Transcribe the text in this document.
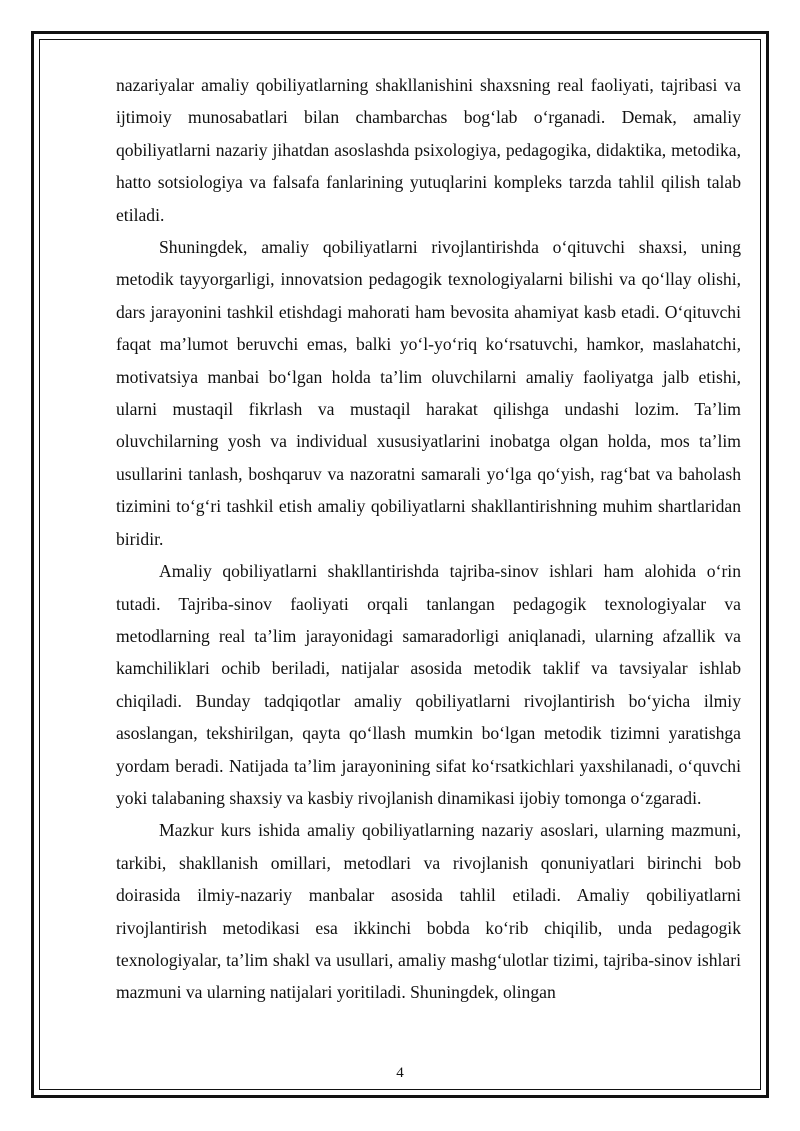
nazariyalar amaliy qobiliyatlarning shakllanishini shaxsning real faoliyati, tajribasi va ijtimoiy munosabatlari bilan chambarchas bog‘lab o‘rganadi. Demak, amaliy qobiliyatlarni nazariy jihatdan asoslashda psixologiya, pedagogika, didaktika, metodika, hatto sotsiologiya va falsafa fanlarining yutuqlarini kompleks tarzda tahlil qilish talab etiladi.

Shuningdek, amaliy qobiliyatlarni rivojlantirishda o‘qituvchi shaxsi, uning metodik tayyorgarligi, innovatsion pedagogik texnologiyalarni bilishi va qo‘llay olishi, dars jarayonini tashkil etishdagi mahorati ham bevosita ahamiyat kasb etadi. O‘qituvchi faqat ma’lumot beruvchi emas, balki yo‘l-yo‘riq ko‘rsatuvchi, hamkor, maslahatchi, motivatsiya manbai bo‘lgan holda ta’lim oluvchilarni amaliy faoliyatga jalb etishi, ularni mustaqil fikrlash va mustaqil harakat qilishga undashi lozim. Ta’lim oluvchilarning yosh va individual xususiyatlarini inobatga olgan holda, mos ta’lim usullarini tanlash, boshqaruv va nazoratni samarali yo‘lga qo‘yish, rag‘bat va baholash tizimini to‘g‘ri tashkil etish amaliy qobiliyatlarni shakllantirishning muhim shartlaridan biridir.

Amaliy qobiliyatlarni shakllantirishda tajriba-sinov ishlari ham alohida o‘rin tutadi. Tajriba-sinov faoliyati orqali tanlangan pedagogik texnologiyalar va metodlarning real ta’lim jarayonidagi samaradorligi aniqlanadi, ularning afzallik va kamchiliklari ochib beriladi, natijalar asosida metodik taklif va tavsiyalar ishlab chiqiladi. Bunday tadqiqotlar amaliy qobiliyatlarni rivojlantirish bo‘yicha ilmiy asoslangan, tekshirilgan, qayta qo‘llash mumkin bo‘lgan metodik tizimni yaratishga yordam beradi. Natijada ta’lim jarayonining sifat ko‘rsatkichlari yaxshilanadi, o‘quvchi yoki talabaning shaxsiy va kasbiy rivojlanish dinamikasi ijobiy tomonga o‘zgaradi.

Mazkur kurs ishida amaliy qobiliyatlarning nazariy asoslari, ularning mazmuni, tarkibi, shakllanish omillari, metodlari va rivojlanish qonuniyatlari birinchi bob doirasida ilmiy-nazariy manbalar asosida tahlil etiladi. Amaliy qobiliyatlarni rivojlantirish metodikasi esa ikkinchi bobda ko‘rib chiqilib, unda pedagogik texnologiyalar, ta’lim shakl va usullari, amaliy mashg‘ulotlar tizimi, tajriba-sinov ishlari mazmuni va ularning natijalari yoritiladi. Shuningdek, olingan

4
